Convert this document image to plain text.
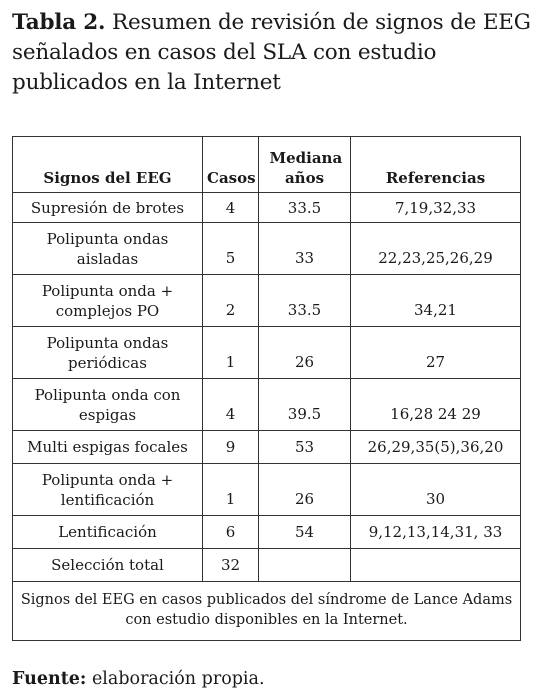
Tabla 2. Resumen de revisión de signos de EEG señalados en casos del SLA con estudio publicados en la Internet
Signos del EEG	Casos	Mediana años	Referencias
Supresión de brotes	4	33.5	7,19,32,33
Polipunta ondas aisladas	5	33	22,23,25,26,29
Polipunta onda + complejos PO	2	33.5	34,21
Polipunta ondas periódicas	1	26	27
Polipunta onda con espigas	4	39.5	16,28 24 29
Multi espigas focales	9	53	26,29,35(5),36,20
Polipunta onda + lentificación	1	26	30
Lentificación	6	54	9,12,13,14,31, 33
Selección total	32		
Signos del EEG en casos publicados del síndrome de Lance Adams con estudio disponibles en la Internet.			
Fuente: elaboración propia.
